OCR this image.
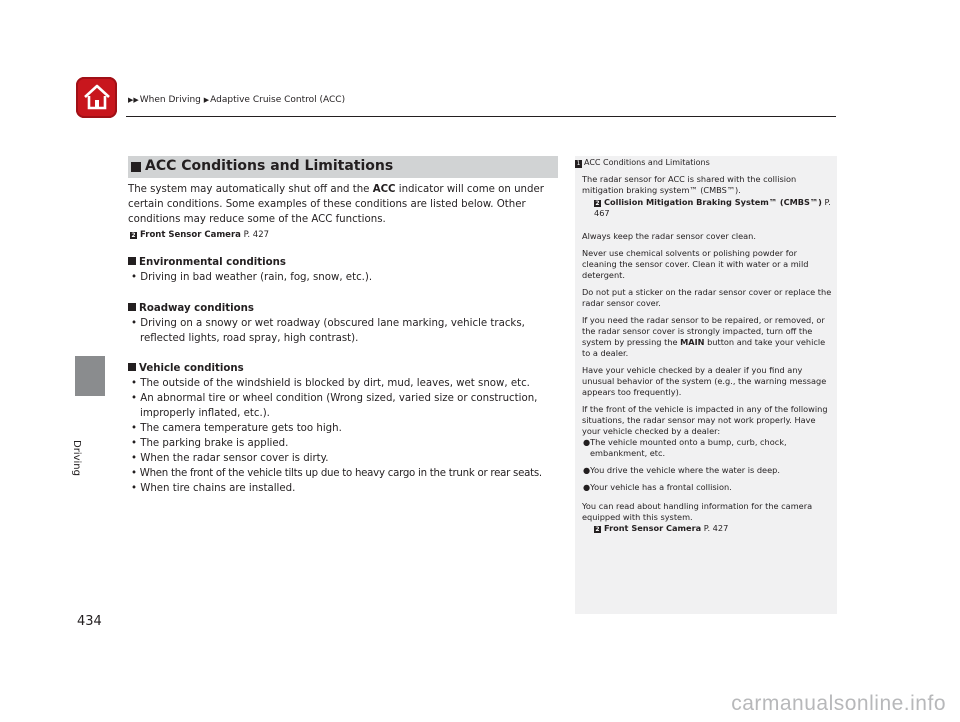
▶▶When Driving ▶Adaptive Cruise Control (ACC)
Driving
434
ACC Conditions and Limitations

The system may automatically shut off and the ACC indicator will come on under certain conditions. Some examples of these conditions are listed below. Other conditions may reduce some of the ACC functions.

2 Front Sensor Camera P. 427

Environmental conditions

• Driving in bad weather (rain, fog, snow, etc.).

Roadway conditions

• Driving on a snowy or wet roadway (obscured lane marking, vehicle tracks, reflected lights, road spray, high contrast).

Vehicle conditions

• The outside of the windshield is blocked by dirt, mud, leaves, wet snow, etc.

• An abnormal tire or wheel condition (Wrong sized, varied size or construction, improperly inflated, etc.).

• The camera temperature gets too high.

• The parking brake is applied.

• When the radar sensor cover is dirty.

• When the front of the vehicle tilts up due to heavy cargo in the trunk or rear seats.

• When tire chains are installed.

1 ACC Conditions and Limitations

The radar sensor for ACC is shared with the collision mitigation braking system™ (CMBS™).

2 Collision Mitigation Braking System™ (CMBS™) P. 467

Always keep the radar sensor cover clean.

Never use chemical solvents or polishing powder for cleaning the sensor cover. Clean it with water or a mild detergent.

Do not put a sticker on the radar sensor cover or replace the radar sensor cover.

If you need the radar sensor to be repaired, or removed, or the radar sensor cover is strongly impacted, turn off the system by pressing the MAIN button and take your vehicle to a dealer.

Have your vehicle checked by a dealer if you find any unusual behavior of the system (e.g., the warning message appears too frequently).

If the front of the vehicle is impacted in any of the following situations, the radar sensor may not work properly. Have your vehicle checked by a dealer:

●The vehicle mounted onto a bump, curb, chock, embankment, etc.

●You drive the vehicle where the water is deep.

●Your vehicle has a frontal collision.

You can read about handling information for the camera equipped with this system.

2 Front Sensor Camera P. 427
carmanualsonline.info
